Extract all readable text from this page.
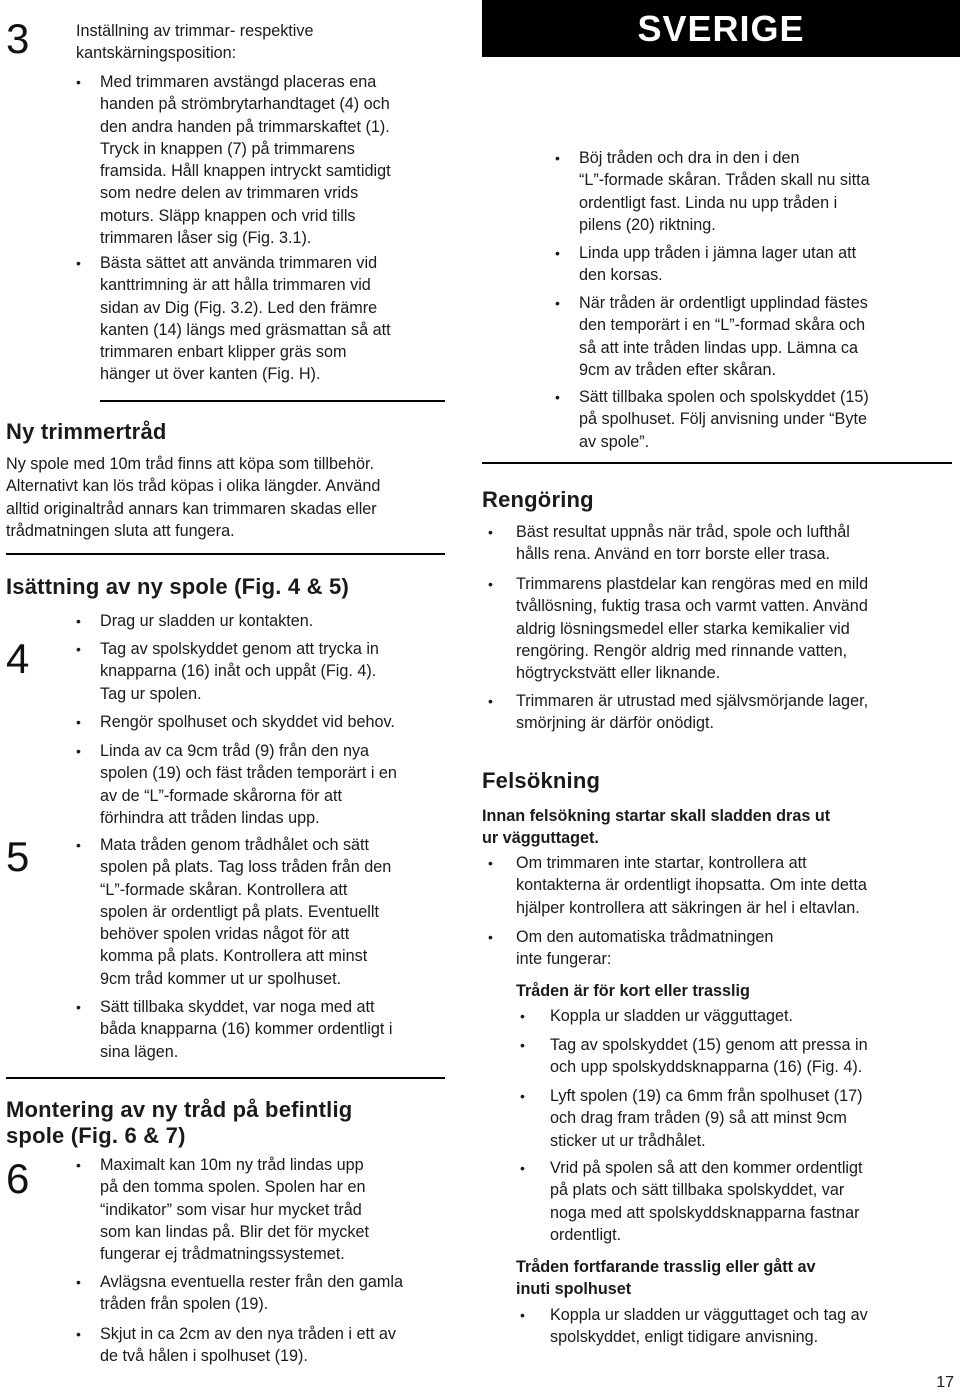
3	Inställning av trimmar- respektive
kantskärningsposition:
• Med trimmaren avstängd placeras ena
handen på strömbrytarhandtaget (4) och
den andra handen på trimmarskaftet (1).
Tryck in knappen (7) på trimmarens
framsida. Håll knappen intryckt samtidigt
som nedre delen av trimmaren vrids
moturs. Släpp knappen och vrid tills
trimmaren låser sig (Fig. 3.1).
• Bästa sättet att använda trimmaren vid
kanttrimning är att hålla trimmaren vid
sidan av Dig (Fig. 3.2). Led den främre
kanten (14) längs med gräsmattan så att
trimmaren enbart klipper gräs som
hänger ut över kanten (Fig. H).
Ny trimmertråd
Ny spole med 10m tråd finns att köpa som tillbehör.
Alternativt kan lös tråd köpas i olika längder. Använd
alltid originaltråd annars kan trimmaren skadas eller
trådmatningen sluta att fungera.
Isättning av ny spole (Fig. 4 & 5)
4
5
• Drag ur sladden ur kontakten.
• Tag av spolskyddet genom att trycka in
knapparna (16) inåt och uppåt (Fig. 4).
Tag ur spolen.
• Rengör spolhuset och skyddet vid behov.
• Linda av ca 9cm tråd (9) från den nya
spolen (19) och fäst tråden temporärt i en
av de “L”-formade skårorna för att
förhindra att tråden lindas upp.
• Mata tråden genom trådhålet och sätt
spolen på plats. Tag loss tråden från den
“L”-formade skåran. Kontrollera att
spolen är ordentligt på plats. Eventuellt
behöver spolen vridas något för att
komma på plats. Kontrollera att minst
9cm tråd kommer ut ur spolhuset.
• Sätt tillbaka skyddet, var noga med att
båda knapparna (16) kommer ordentligt i
sina lägen.
Montering av ny tråd på befintlig
spole (Fig. 6 & 7)
6
•	Maximalt kan 10m ny tråd lindas upp
på den tomma spolen. Spolen har en
“indikator” som visar hur mycket tråd
som kan lindas på. Blir det för mycket
fungerar ej trådmatningssystemet.
• Avlägsna eventuella rester från den gamla
tråden från spolen (19).
• Skjut in ca 2cm av den nya tråden i ett av
de två hålen i spolhuset (19).
SVERIGE
• Böj tråden och dra in den i den
“L”-formade skåran. Tråden skall nu sitta
ordentligt fast. Linda nu upp tråden i
pilens (20) riktning.
• Linda upp tråden i jämna lager utan att
den korsas.
• När tråden är ordentligt upplindad fästes
den temporärt i en “L”-formad skåra och
så att inte tråden lindas upp. Lämna ca
9cm av tråden efter skåran.
• Sätt tillbaka spolen och spolskyddet (15)
på spolhuset. Följ anvisning under “Byte
av spole”.
Rengöring
• Bäst resultat uppnås när tråd, spole och lufthål
hålls rena. Använd en torr borste eller trasa.
• Trimmarens plastdelar kan rengöras med en mild
tvållösning, fuktig trasa och varmt vatten. Använd
aldrig lösningsmedel eller starka kemikalier vid
rengöring. Rengör aldrig med rinnande vatten,
högtryckstvätt eller liknande.
• Trimmaren är utrustad med självsmörjande lager,
smörjning är därför onödigt.
Felsökning
Innan felsökning startar skall sladden dras ut
ur vägguttaget.
• Om trimmaren inte startar, kontrollera att
kontakterna är ordentligt ihopsatta. Om inte detta
hjälper kontrollera att säkringen är hel i eltavlan.
• Om den automatiska trådmatningen
inte fungerar:
Tråden är för kort eller trasslig
• Koppla ur sladden ur vägguttaget.
• Tag av spolskyddet (15) genom att pressa in
och upp spolskyddsknapparna (16) (Fig. 4).
• Lyft spolen (19) ca 6mm från spolhuset (17)
och drag fram tråden (9) så att minst 9cm
sticker ut ur trådhålet.
• Vrid på spolen så att den kommer ordentligt
på plats och sätt tillbaka spolskyddet, var
noga med att spolskyddsknapparna fastnar
ordentligt.
Tråden fortfarande trasslig eller gått av
inuti spolhuset
• Koppla ur sladden ur vägguttaget och tag av
spolskyddet, enligt tidigare anvisning.
17
